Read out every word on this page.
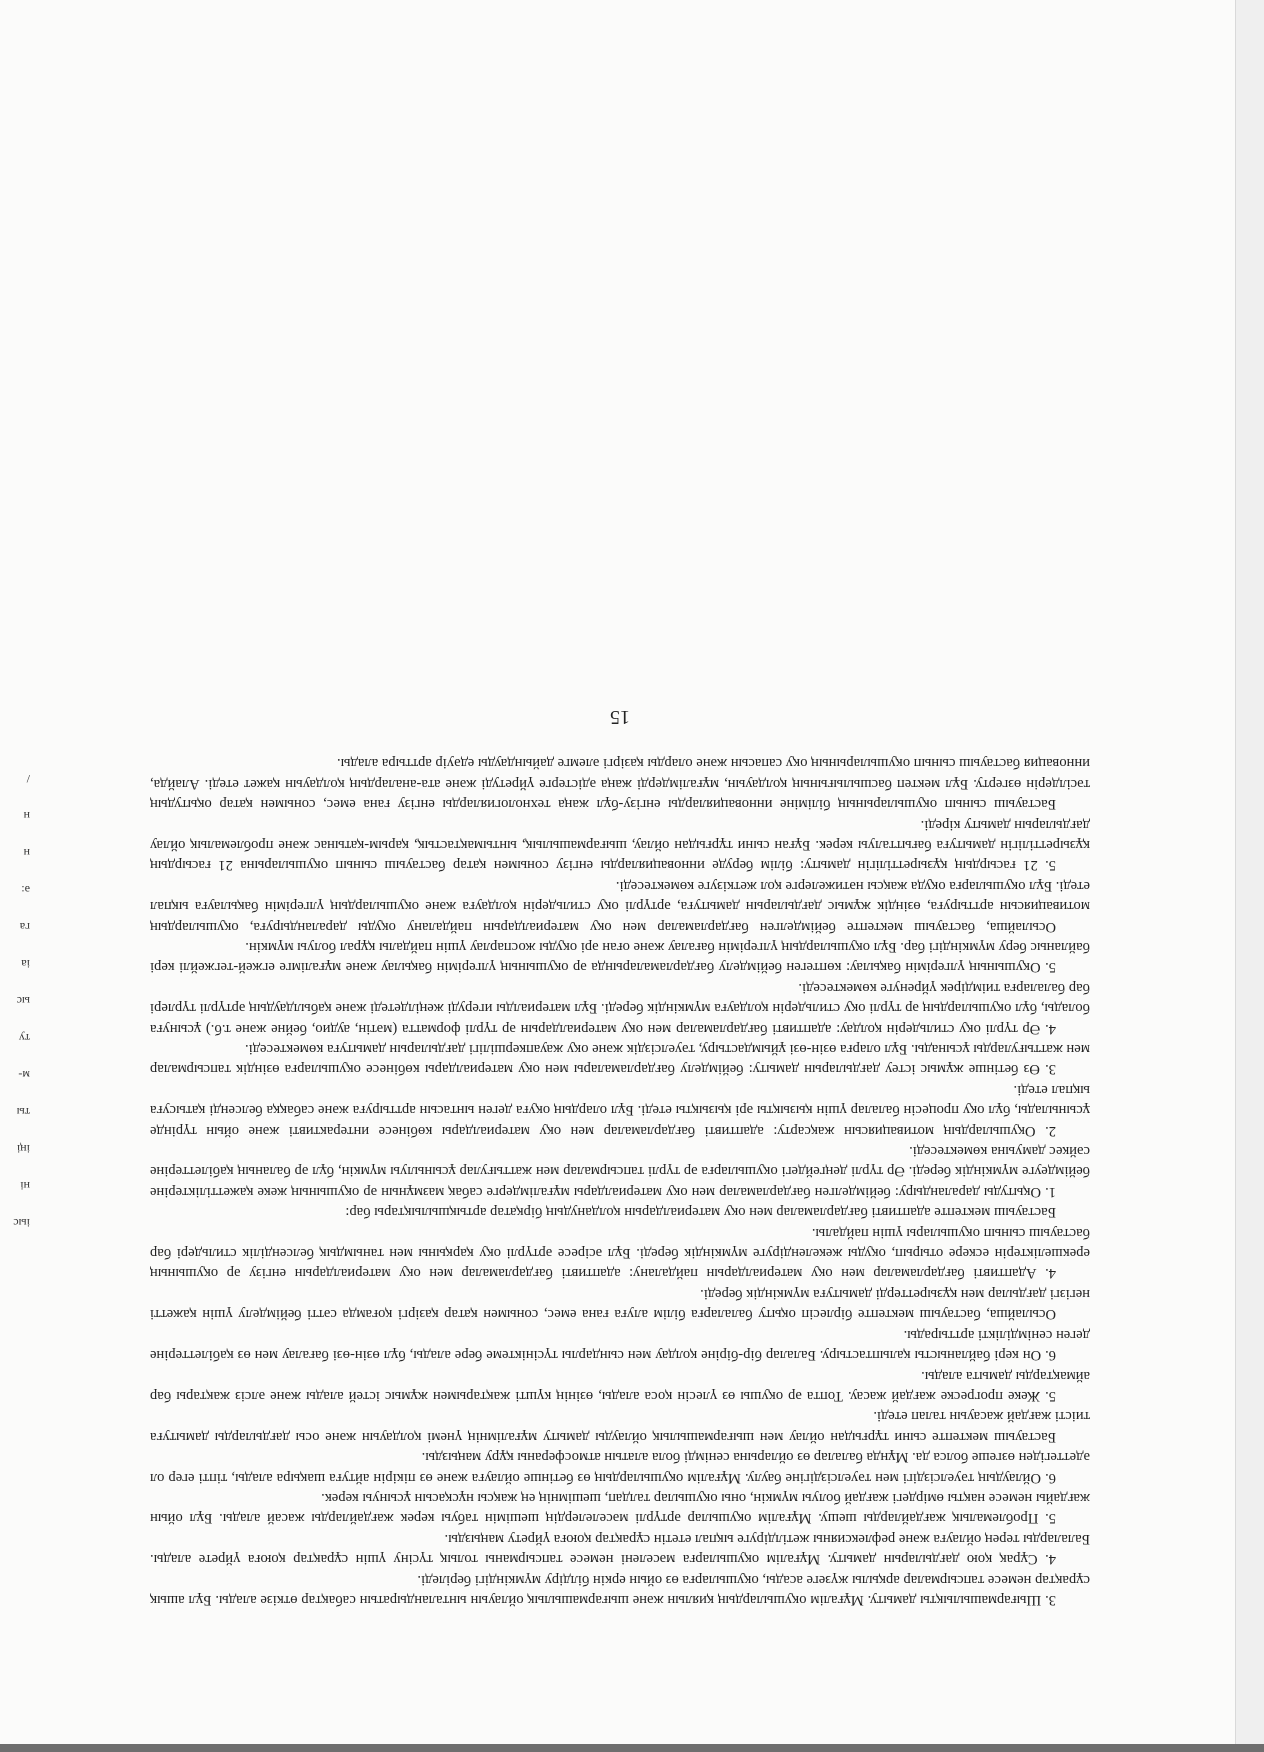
3. Шығармашылықты дамыту. Мұғалім оқушылардың қиялын және шығармашылық ойлауын ынталандыратын сабақтар өткізе алады. Бұл ашық сұрақтар немесе тапсырмалар арқылы жүзеге асады, оқушыларға өз ойын еркін білдіру мүмкіндігі беріледі.

4. Сұрақ қою дағдыларын дамыту. Мұғалім оқушыларға мәселені немесе тапсырманы толық түсіну үшін сұрақтар қоюға үйрете алады. Балаларды терең ойлауға және рефлексияны жетілдіруге ықпал ететін сұрақтар қоюға үйрету маңызды.

5. Проблемалық жағдайларды шешу. Мұғалім оқушылар әртүрлі мәселелердің шешімін табуы керек жағдайларды жасай алады. Бұл ойын жағдайы немесе нақты өмірдегі жағдай болуы мүмкін, оны оқушылар талдап, шешімнің ең жақсы нұсқасын ұсынуы керек.

6. Ойлаудың тәуелсіздігі мен тәуелсіздігіне баулу. Мұғалім оқушылардың өз бетінше ойлауға және өз пікірін айтуға шақыра алады, тіпті егер ол әдеттегіден өзгеше болса да. Мұнда балалар өз ойларына сенімді бола алатын атмосфераны құру маңызды.

Бастауыш мектепте сыни тұрғыдан ойлау мен шығармашылық ойлауды дамыту мұғалімнің үнемі қолдауын және осы дағдыларды дамытуға тиісті жағдай жасауын талап етеді.

5. Жеке прогреске жағдай жасау. Топта әр оқушы өз үлесін қоса алады, өзінің күшті жақтарымен жұмыс істей алады және әлсіз жақтары бар аймақтарды дамыта алады.

6. Он кері байланысты қалыптастыру. Балалар бір-біріне қолдау мен сындарлы түсініктеме бере алады, бұл өзін-өзі бағалау мен өз қабілеттеріне деген сенімділікті арттырады.

Осылайша, бастауыш мектепте бірлесіп оқыту балаларға білім алуға ғана емес, сонымен қатар қазіргі қоғамда сәтті бейімделу үшін қажетті негізгі дағдылар мен құзыреттерді дамытуға мүмкіндік береді.

4. Адаптивті бағдарламалар мен оқу материалдарын пайдалану: адаптивті бағдарламалар мен оқу материалдарын енгізу әр оқушының ерекшеліктерін ескере отырып, оқуды жекелендіруге мүмкіндік береді. Бұл әсіресе әртүрлі оқу қарқыны мен танымдық белсенділік стильдері бар бастауыш сынып оқушылары үшін пайдалы.

Бастауыш мектепте адаптивті бағдарламалар мен оқу материалдарын қолданудың бірқатар артықшылықтары бар:

1. Оқытуды дараландыру: бейімделген бағдарламалар мен оқу материалдары мұғалімдерге сабақ мазмұнын әр оқушының жеке қажеттіліктеріне бейімдеуге мүмкіндік береді. Әр түрлі деңгейдегі оқушыларға әр түрлі тапсырмалар мен жаттығулар ұсынылуы мүмкін, бұл әр баланың қабілеттеріне сәйкес дамуына көмектеседі.

2. Оқушылардың мотивациясын жақсарту: адаптивті бағдарламалар мен оқу материалдары көбінесе интерактивті және ойын түрінде ұсынылады, бұл оқу процесін балалар үшін қызықты әрі қызықты етеді. Бұл олардың оқуға деген ынтасын арттыруға және сабаққа белсенді қатысуға ықпал етеді.

3. Өз бетінше жұмыс істеу дағдыларын дамыту: бейімделу бағдарламалары мен оқу материалдары көбінесе оқушыларға өзіндік тапсырмалар мен жаттығуларды ұсынады. Бұл оларға өзін-өзі ұйымдастыру, тәуелсіздік және оқу жауапкершілігі дағдыларын дамытуға көмектеседі.

4. Әр түрлі оқу стильдерін қолдау: адаптивті бағдарламалар мен оқу материалдарын әр түрлі форматта (мәтін, аудио, бейне және т.б.) ұсынуға болады, бұл оқушылардың әр түрлі оқу стильдерін қолдауға мүмкіндік береді. Бұл материалды игеруді жеңілдетеді және қабылдаудың әртүрлі түрлері бар балаларға тиімдірек үйренуге көмектеседі.

5. Оқушының үлгерімін бақылау: көптеген бейімделу бағдарламаларында әр оқушының үлгерімін бақылау және мұғалімге егжей-тегжейлі кері байланыс беру мүмкіндігі бар. Бұл оқушылардың үлгерімін бағалау және оған әрі оқуды жоспарлау үшін пайдалы құрал болуы мүмкін.

Осылайша, бастауыш мектепте бейімделген бағдарламалар мен оқу материалдарын пайдалану оқуды дараландыруға, оқушылардың мотивациясын арттыруға, өзіндік жұмыс дағдыларын дамытуға, әртүрлі оқу стильдерін қолдауға және оқушылардың үлгерімін бақылауға ықпал етеді. Бұл оқушыларға оқуда жақсы нәтижелерге қол жеткізуге көмектеседі.

5. 21 ғасырдың құзыреттілігін дамыту: білім беруде инновацияларды енгізу сонымен қатар бастауыш сынып оқушыларына 21 ғасырдың құзыреттілігін дамытуға бағытталуы керек. Бұған сыни тұрғыдан ойлау, шығармашылық, ынтымақтастық, қарым-қатынас және проблемалық ойлау дағдыларын дамыту кіреді.

Бастауыш сынып оқушыларының біліміне инновацияларды енгізу-бұл жаңа технологияларды енгізу ғана емес, сонымен қатар оқытудың тәсілдерін өзгерту. Бұл мектеп басшылығының қолдауын, мұғалімдерді жаңа әдістерге үйретуді және ата-аналардың қолдауын қажет етеді. Алайда, инновация бастауыш сынып оқушыларының оқу сапасын және оларды қазіргі әлемге дайындауды едәуір арттыра алады.

15
іыс
ні
іңі
ты
м-
ту
ыс
іа
га
ә:
н
н
/
